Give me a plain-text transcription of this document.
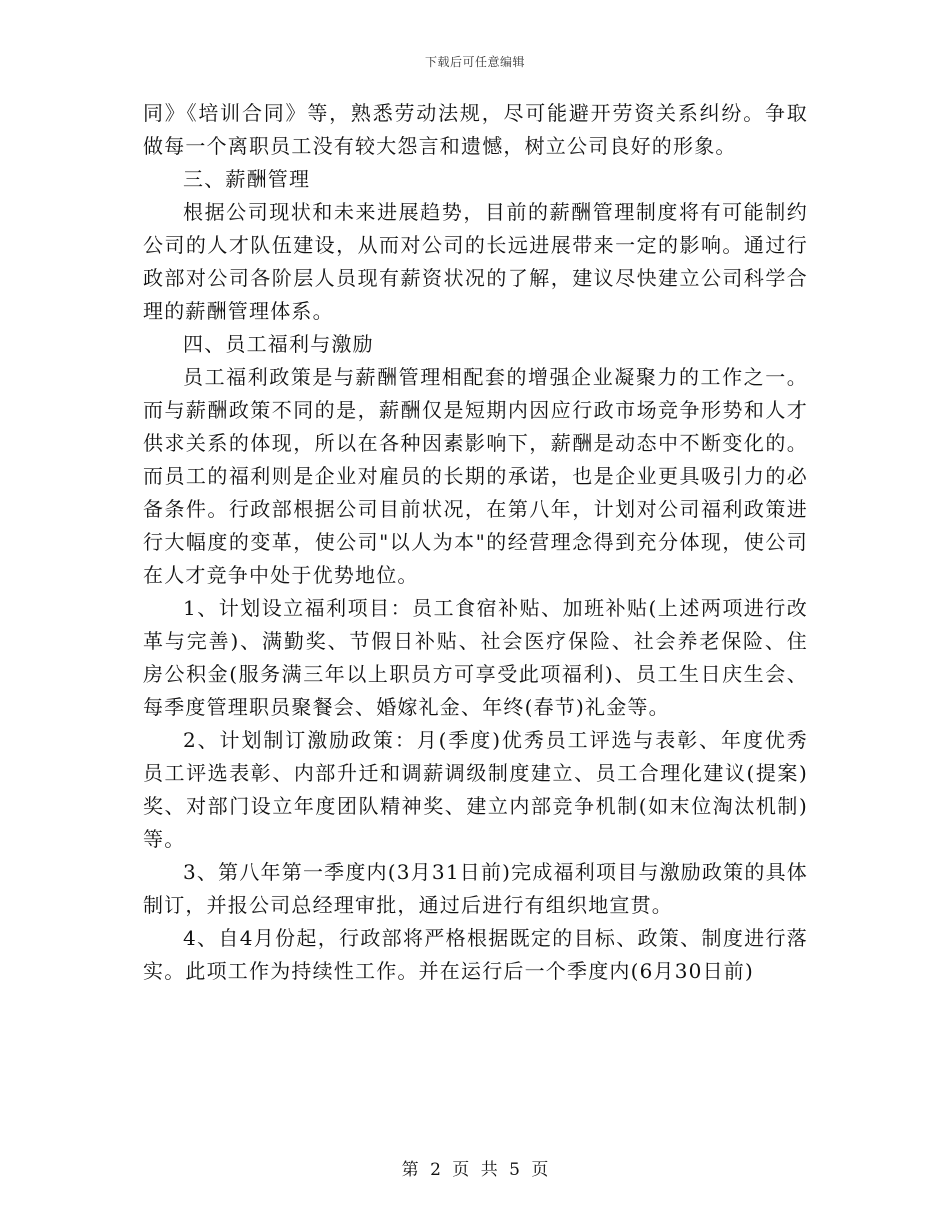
下载后可任意编辑

同》《培训合同》等，熟悉劳动法规，尽可能避开劳资关系纠纷。争取做每一个离职员工没有较大怨言和遗憾，树立公司良好的形象。

三、薪酬管理

根据公司现状和未来进展趋势，目前的薪酬管理制度将有可能制约公司的人才队伍建设，从而对公司的长远进展带来一定的影响。通过行政部对公司各阶层人员现有薪资状况的了解，建议尽快建立公司科学合理的薪酬管理体系。

四、员工福利与激励

员工福利政策是与薪酬管理相配套的增强企业凝聚力的工作之一。而与薪酬政策不同的是，薪酬仅是短期内因应行政市场竞争形势和人才供求关系的体现，所以在各种因素影响下，薪酬是动态中不断变化的。而员工的福利则是企业对雇员的长期的承诺，也是企业更具吸引力的必备条件。行政部根据公司目前状况，在第八年，计划对公司福利政策进行大幅度的变革，使公司"以人为本"的经营理念得到充分体现，使公司在人才竞争中处于优势地位。

1、计划设立福利项目：员工食宿补贴、加班补贴(上述两项进行改革与完善)、满勤奖、节假日补贴、社会医疗保险、社会养老保险、住房公积金(服务满三年以上职员方可享受此项福利)、员工生日庆生会、每季度管理职员聚餐会、婚嫁礼金、年终(春节)礼金等。

2、计划制订激励政策：月(季度)优秀员工评选与表彰、年度优秀员工评选表彰、内部升迁和调薪调级制度建立、员工合理化建议(提案)奖、对部门设立年度团队精神奖、建立内部竞争机制(如末位淘汰机制)等。

3、第八年第一季度内(3月31日前)完成福利项目与激励政策的具体制订，并报公司总经理审批，通过后进行有组织地宣贯。

4、自4月份起，行政部将严格根据既定的目标、政策、制度进行落实。此项工作为持续性工作。并在运行后一个季度内(6月30日前)

第 2 页 共 5 页
